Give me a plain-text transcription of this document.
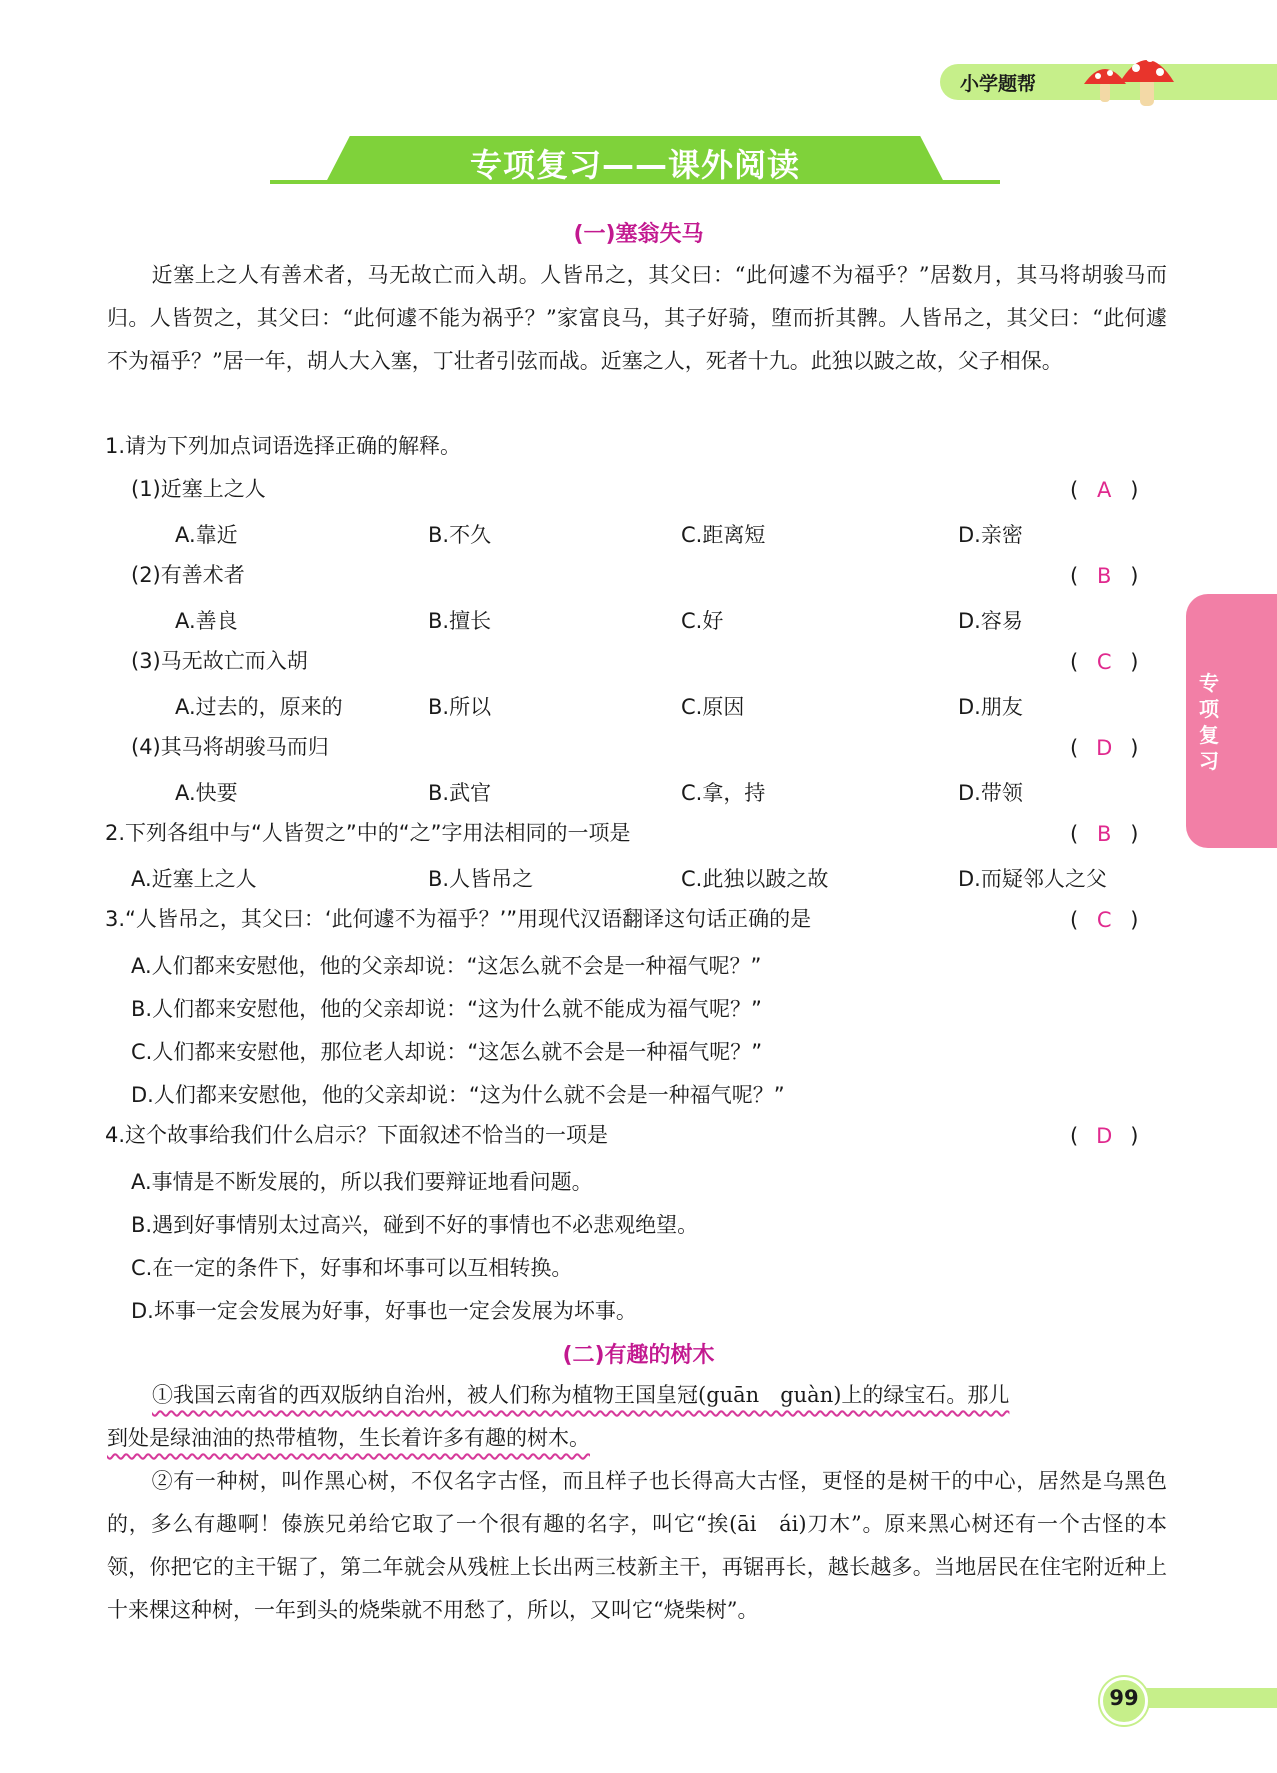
小学题帮
专项复习——课外阅读
(一)塞翁失马
近塞上之人有善术者，马无故亡而入胡。人皆吊之，其父曰：“此何遽不为福乎？”居数月，其马将胡骏马而归。人皆贺之，其父曰：“此何遽不能为祸乎？”家富良马，其子好骑，堕而折其髀。人皆吊之，其父曰：“此何遽不为福乎？”居一年，胡人大入塞，丁壮者引弦而战。近塞之人，死者十九。此独以跛之故，父子相保。
1.请为下列加点词语选择正确的解释。
(1)近塞上之人	( A )
A.靠近	B.不久	C.距离短	D.亲密
(2)有善术者	( B )
A.善良	B.擅长	C.好	D.容易
(3)马无故亡而入胡	( C )
A.过去的，原来的	B.所以	C.原因	D.朋友
(4)其马将胡骏马而归	( D )
A.快要	B.武官	C.拿，持	D.带领
2.下列各组中与“人皆贺之”中的“之”字用法相同的一项是	( B )
A.近塞上之人	B.人皆吊之	C.此独以跛之故	D.而疑邻人之父
3.“人皆吊之，其父曰：‘此何遽不为福乎？’”用现代汉语翻译这句话正确的是	( C )
A.人们都来安慰他，他的父亲却说：“这怎么就不会是一种福气呢？”
B.人们都来安慰他，他的父亲却说：“这为什么就不能成为福气呢？”
C.人们都来安慰他，那位老人却说：“这怎么就不会是一种福气呢？”
D.人们都来安慰他，他的父亲却说：“这为什么就不会是一种福气呢？”
4.这个故事给我们什么启示？下面叙述不恰当的一项是	( D )
A.事情是不断发展的，所以我们要辩证地看问题。
B.遇到好事情别太过高兴，碰到不好的事情也不必悲观绝望。
C.在一定的条件下，好事和坏事可以互相转换。
D.坏事一定会发展为好事，好事也一定会发展为坏事。
(二)有趣的树木
①我国云南省的西双版纳自治州，被人们称为植物王国皇冠(guān　guàn)上的绿宝石。那儿
到处是绿油油的热带植物，生长着许多有趣的树木。
②有一种树，叫作黑心树，不仅名字古怪，而且样子也长得高大古怪，更怪的是树干的中心，居然是乌黑色的，多么有趣啊！傣族兄弟给它取了一个很有趣的名字，叫它“挨(āi　ái)刀木”。原来黑心树还有一个古怪的本领，你把它的主干锯了，第二年就会从残桩上长出两三枝新主干，再锯再长，越长越多。当地居民在住宅附近种上十来棵这种树，一年到头的烧柴就不用愁了，所以，又叫它“烧柴树”。
专项复习
99
